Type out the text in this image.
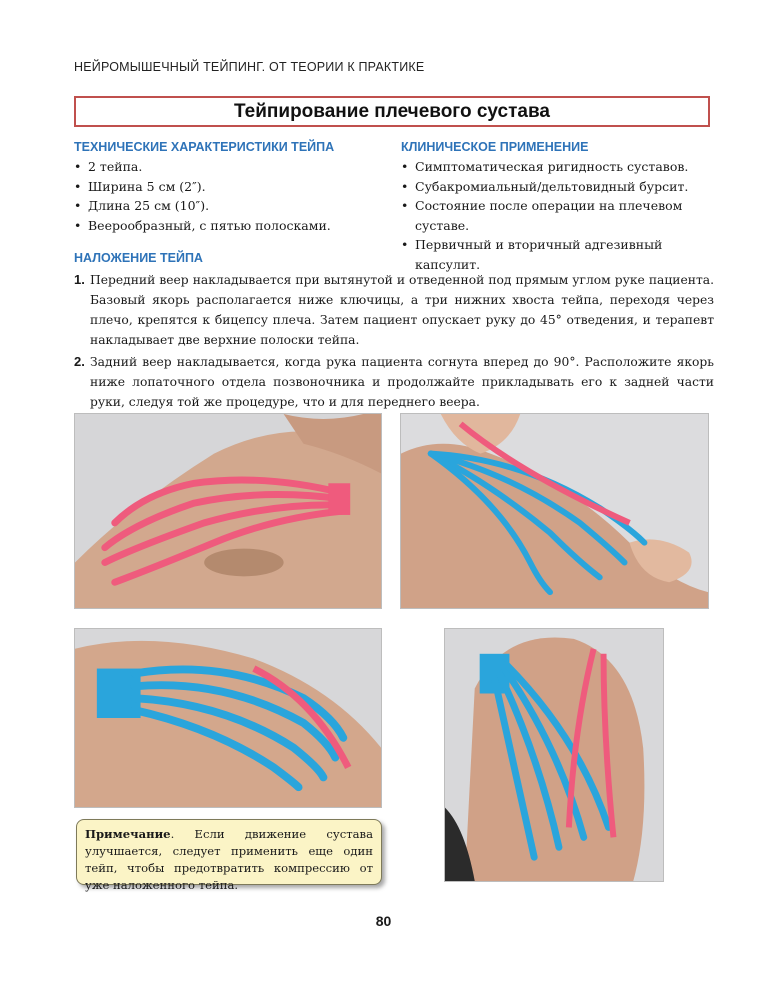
НЕЙРОМЫШЕЧНЫЙ ТЕЙПИНГ. ОТ ТЕОРИИ К ПРАКТИКЕ
Тейпирование плечевого сустава
ТЕХНИЧЕСКИЕ ХАРАКТЕРИСТИКИ ТЕЙПА
• 2 тейпа.
• Ширина 5 cм (2″).
• Длина 25 cм (10″).
• Веерообразный, с пятью полосками.
КЛИНИЧЕСКОЕ ПРИМЕНЕНИЕ
• Симптоматическая ригидность суставов.
• Субакромиальный/дельтовидный бурсит.
• Состояние после операции на плечевом суставе.
• Первичный и вторичный адгезивный капсулит.
НАЛОЖЕНИЕ ТЕЙПА
1. Передний веер накладывается при вытянутой и отведенной под прямым углом руке пациента. Базовый якорь располагается ниже ключицы, а три нижних хвоста тейпа, переходя через плечо, крепятся к бицепсу плеча. Затем пациент опускает руку до 45° отведения, и терапевт накладывает две верхние полоски тейпа.
2. Задний веер накладывается, когда рука пациента согнута вперед до 90°. Расположите якорь ниже лопаточного отдела позвоночника и продолжайте прикладывать его к задней части руки, следуя той же процедуре, что и для переднего веера.
Примечание. Если движение сустава улучшается, следует применить еще один тейп, чтобы предотвратить компрессию от уже наложенного тейпа.
80
